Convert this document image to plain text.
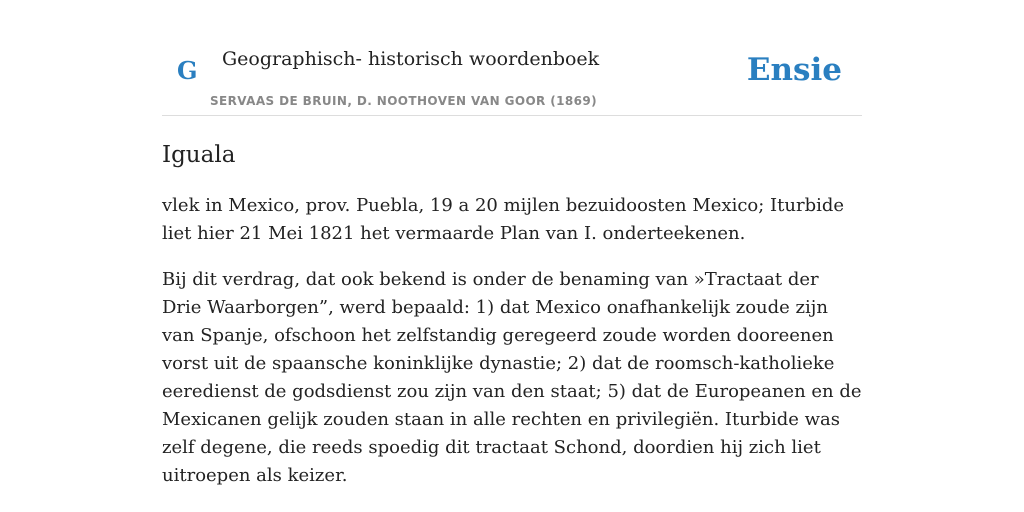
G Geographisch- historisch woordenboek
SERVAAS DE BRUIN, D. NOOTHOVEN VAN GOOR (1869)
Ensie
Iguala

vlek in Mexico, prov. Puebla, 19 a 20 mijlen bezuidoosten Mexico; Iturbide liet hier 21 Mei 1821 het vermaarde Plan van I. onderteekenen.

Bij dit verdrag, dat ook bekend is onder de benaming van »Tractaat der Drie Waarborgen”, werd bepaald: 1) dat Mexico onafhankelijk zoude zijn van Spanje, ofschoon het zelfstandig geregeerd zoude worden dooreenen vorst uit de spaansche koninklijke dynastie; 2) dat de roomsch-katholieke eeredienst de godsdienst zou zijn van den staat; 5) dat de Europeanen en de Mexicanen gelijk zouden staan in alle rechten en privilegiën. Iturbide was zelf degene, die reeds spoedig dit tractaat Schond, doordien hij zich liet uitroepen als keizer.
